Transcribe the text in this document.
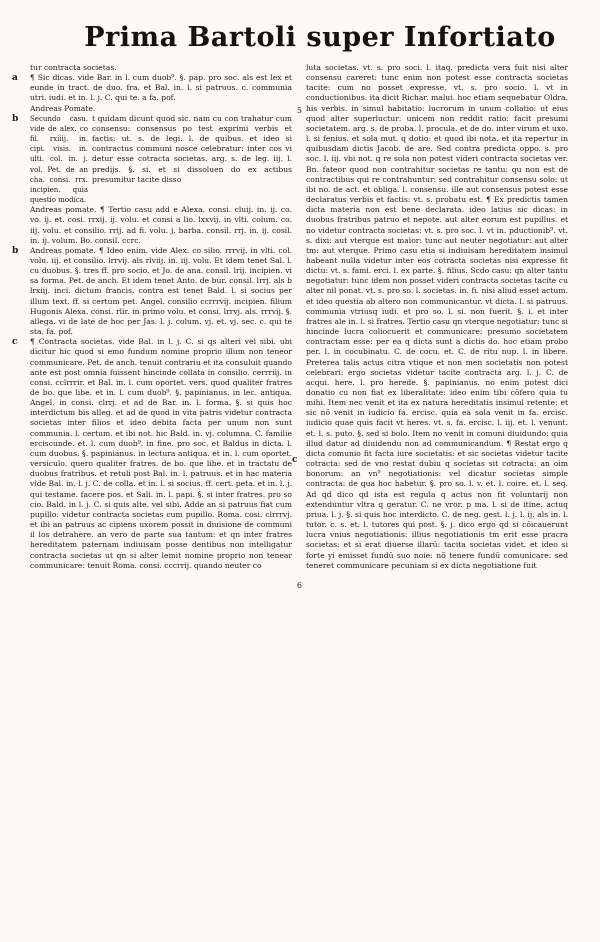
Prima Bartoli super Infortiato

tur contracta societas.

a ¶ Sic dicas. vide Bar. in l. cum duob⁹. §. pap. pro soc. als est lex et eunde in tract. de duo. fra. et Bal. in. l. si patruus. c. communia utri. iudi. et in. l. j. C. qui te. a fa. pof.

5

Andreas Pomate.

b Secundo casu. vide de alex. co fil. rxiiij. in. cipi. visis. in. ulti. col. in. j. vol. Pet. de an cha. consi. rrx. incipien. quia questio modica.

t quidam dicunt quod sic. nam cu con trahatur cum consensu: consensus po test exprimi verbis et factis: ut. s. de legi. l. de quibus. et ideo si contractus communi nosce celebratur: inter cos vi detur esse cotracta societas. arg. s. de leg. iij. l. predijs. §. si. et si dissoluen do ex actibus presumitur tacite disso

Andreas pomate. ¶ Tertio casu add e Alexa. consi. cluij. in. ij. co. vo. ij. et. cosi. rrxij. ij. volu. et consi a lio. lxxvij. in vlti. colum. co. iij. volu. et consilio. rrij. ad fi. volu. j. barba. consil. rrj. in. ij. cosil. in. ij. volum. Bo. consil. ccrc.

b Andreas pomate. ¶ Ideo enim. vide Alex. co silio. rrrvij. in vlti. col. volu. iij. et consilio. lrrvij. als rlviij. in. iij. volu. Et idem tenet Sal. l. cu duobus. §. tres ff. pro socio. et Jo. de ana. consil. lrij. incipien. vi sa forma. Pet. de anch. Et idem tenet Anto. de bur. consil. lrrj. als b lrxiij. inci. dictum francis. contra est tenet Bald. l. si socius per illum text. ff. si certum pet. Angel. consilio ccrrrvij. incipien. filium Hugonis Alexa. consi. rlir. in primo volu. et consi. lrrvj. als. rrrvij. §. allega. vi de late de hoc per Jas. l. j. colum. vj. et. vj. sec. c. qui te sta. fa. pof.

c
6

¶ Contracta societas. vide Bal. in l. j. C. si qs alteri vel sibi. ubi dicitur hic quod si emo fundum nomine proprio illum non teneor communicare. Pet. de anch. tenuit contrariu et ita consuluit quando ante est post omnia fuissent hincinde collata in consilio. cerrriij. in consi. cclrrrir. et Bal. in. l. cum oportet. vers. quod qualiter fratres de bo. que libe. et in. l. cum duob⁹. §. papinianus. in lec. antiqua. Angel. in consi. clrrj. et ad de Bar. in. l. forma. §. si quis hoc interdictum bis alleg. et ad de quod in vita patris videtur contracta societas inter filios et ideo debita facta per unum non sunt communia. l. certum. et ibi not. hic Bald. in. vj. columna. C. familie erciscunde. et. l. cum duob⁹. in fine. pro soc. et Baldus in dicta. l. cum duobus. §. papinianus. in lectura antiqua. et in. l. cum oportet. versiculo. quero qualiter fratres. de bo. que libe. et in tractatu de duobus fratribus. et retuli post Bal. in. l. patruus. et in hac materia vide Bal. in. l. j. C. de colla. et in. l. si socius. ff. cert. peta. et in. l. j. qui testame. facere pos. et Sali. in. l. papi. §. si inter fratres. pro so cio. Bald. in l. j. C. si quis alte. vel sibi. Adde an si patruus fiat cum pupillo: videtur contracta societas cum pupillo. Roma. cosi. clrrrvj. et ibi an patruus ac cipiens uxorem possit in diuisione de communi il los detrahere. an vero de parte sua tantum: et qn inter fratres hereditatem paternam indiuisam posse dentibus non intelligatur contracta societas ut qn si alter lemit nomine proprio non tenear communicare: tenuit Roma. consi. cccrrij. quando neuter co

c

luta societas. vt. s. pro soci. l. itaq. predicta vera fuit nisi alter consensu careret: tunc enim non potest esse contracta societas tacite: cum no posset expresse. vt. s. pro socio. l. vt in conductionibus. ita dicit Richar. malui. hoc etiam sequebatur Oldra. his verbis. in simul habitatio: lucrorum in unum collatio: ut eius quod alter superluctur: unicem non reddit ratio: facit presumi societatem. arg. s. de proba. l. procula. et de do. inter virum et uxo. l. si fenius. et sola mut. q dotio: et quod ibi nota. et ita repertur in quibusdam dictis Jacob. de are. Sed contra predicta oppo. s. pro soc. l. iij. vbi not. q re sola non potest videri contracta societas ver. Bn. fateor quod non contrahitur societas re tantu: qu non est de contractibus qui re contrahuntur: sed contrahitur consensu solo: ut ibi no. de act. et obliga. l. consensu. ille aut consensus potest esse declaratus verbis et factis: vt. s. probatu est. ¶ Ex predictis tamen dicta materia non est bene declarata. ideo latius sic dicas: in duobus fratribus patruo et nepote. aut alter eorum est pupillus. et no videtur contracta societas: vt. s. pro soc. l. vt in. pductionib⁹. vt. s. dixi: aut vterque est maior: tunc aut neuter negotiatur: aut alter tm: aut vterque. Primo casu etia si indiuisam hereditatem insimul habeant nulla videtur inter eos cotracta societas nisi expresse fit dictu: vt. s. fami. erci. l. ex parte. §. filius. Scdo casu: qn alter tantu negotiatur: tunc idem non posset videri contracta societas tacite cu alter nil ponat. vt. s. pro so. l. societas. in. fi. nisi aliud esset actum. et ideo questia ab altero non communicantur. vt dicta. l. si patruus. communia vtriusq iudi. et pro so. l. si. non fuerit. §. i. et inter fratres ale in. l. si fratres. Tertio casu qn vterque negotiatur: tunc si hincinde lucra coliocuerit et communicare: presumo societatem contractam esse: per ea q dicta sunt a dictis do. hoc etiam probo per. l. in cocubinatu. C. de cocu. et. C. de ritu nup. l. in libere. Preterea talis actus citra vtique et non men societatis non potest celebrari: ergo societas videtur tacite contracta arg. l. j. C. de acqui. here. l. pro herede. §. papinianus. no enim potest dici donatio cu non fiat ex liberalitate: ideo enim tibi cōfero quia tu mihi. Item nec venit et ita ex natura hereditatis insimul retente: et sic nō venit in iudicio fa. ercisc. quia ea sola venit in fa. ercisc. iudicio quae quis facit vt heres. vt. s. fa. ercisc. l. iij. et. l. venunt. et. l. s. puto. §. sed si bolo. Item no venit in comuni diuidundo: quia illud datur ad diuidendu non ad communicandum. ¶ Restat ergo q dicta comunio fit facta iure societatis: et sic societas videtur tacite cotracta: sed de vno restat dubiu q societas sit cotracta: an oim bonorum: an vn⁹ negotiationis: vel dicatur societas simple contracta: de qua hoc habetur. §. pro so. l. v. et. l. coire. et. l. seq. Ad qd dico qd ista est regula q actus non fit voluntarij non extenduntur vltra q geratur. C. ne vror. p ma. l. si de itine. actuq priua. l. j. §. si quis hoc interdicto. C. de neg. gest. l. j. l. ij. als in. l. tutor. c. s. et. l. tutores qui post. §. j. dico ergo qd si cōicauerunt lucra vnius negotiationis: illius negotiationis tm erit esse pracra societas: et si erat diuerse illarū: tacita societas videt. et ideo si forte yi emisset fundū suo noie: nō tenere fundū comunicare: sed teneret communicare pecuniam si ex dicta negotiatione fuit
